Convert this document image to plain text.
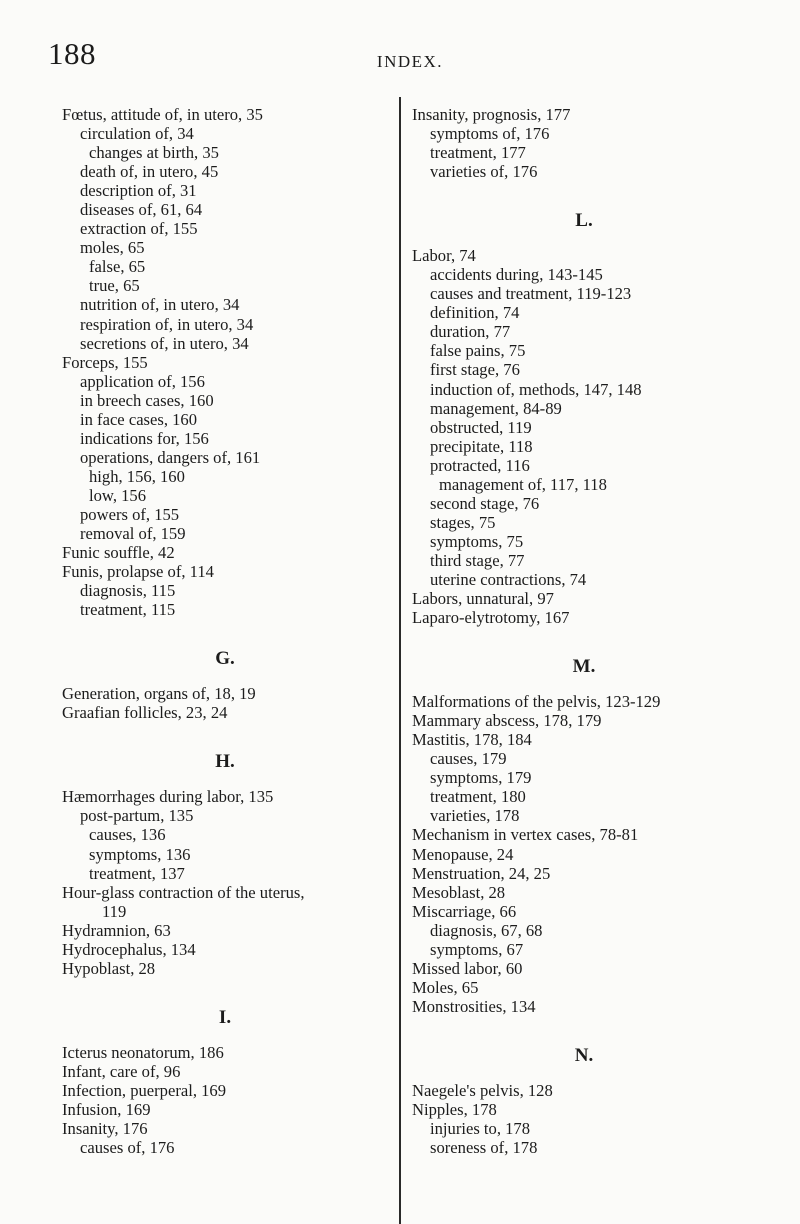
188	INDEX.
Fœtus, attitude of, in utero, 35
circulation of, 34
changes at birth, 35
death of, in utero, 45
description of, 31
diseases of, 61, 64
extraction of, 155
moles, 65
false, 65
true, 65
nutrition of, in utero, 34
respiration of, in utero, 34
secretions of, in utero, 34
Forceps, 155
application of, 156
in breech cases, 160
in face cases, 160
indications for, 156
operations, dangers of, 161
high, 156, 160
low, 156
powers of, 155
removal of, 159
Funic souffle, 42
Funis, prolapse of, 114
diagnosis, 115
treatment, 115
G.
Generation, organs of, 18, 19
Graafian follicles, 23, 24
H.
Hæmorrhages during labor, 135
post-partum, 135
causes, 136
symptoms, 136
treatment, 137
Hour-glass contraction of the uterus,
119
Hydramnion, 63
Hydrocephalus, 134
Hypoblast, 28
I.
Icterus neonatorum, 186
Infant, care of, 96
Infection, puerperal, 169
Infusion, 169
Insanity, 176
causes of, 176
Insanity, prognosis, 177
symptoms of, 176
treatment, 177
varieties of, 176
L.
Labor, 74
accidents during, 143-145
causes and treatment, 119-123
definition, 74
duration, 77
false pains, 75
first stage, 76
induction of, methods, 147, 148
management, 84-89
obstructed, 119
precipitate, 118
protracted, 116
management of, 117, 118
second stage, 76
stages, 75
symptoms, 75
third stage, 77
uterine contractions, 74
Labors, unnatural, 97
Laparo-elytrotomy, 167
M.
Malformations of the pelvis, 123-129
Mammary abscess, 178, 179
Mastitis, 178, 184
causes, 179
symptoms, 179
treatment, 180
varieties, 178
Mechanism in vertex cases, 78-81
Menopause, 24
Menstruation, 24, 25
Mesoblast, 28
Miscarriage, 66
diagnosis, 67, 68
symptoms, 67
Missed labor, 60
Moles, 65
Monstrosities, 134
N.
Naegele's pelvis, 128
Nipples, 178
injuries to, 178
soreness of, 178
